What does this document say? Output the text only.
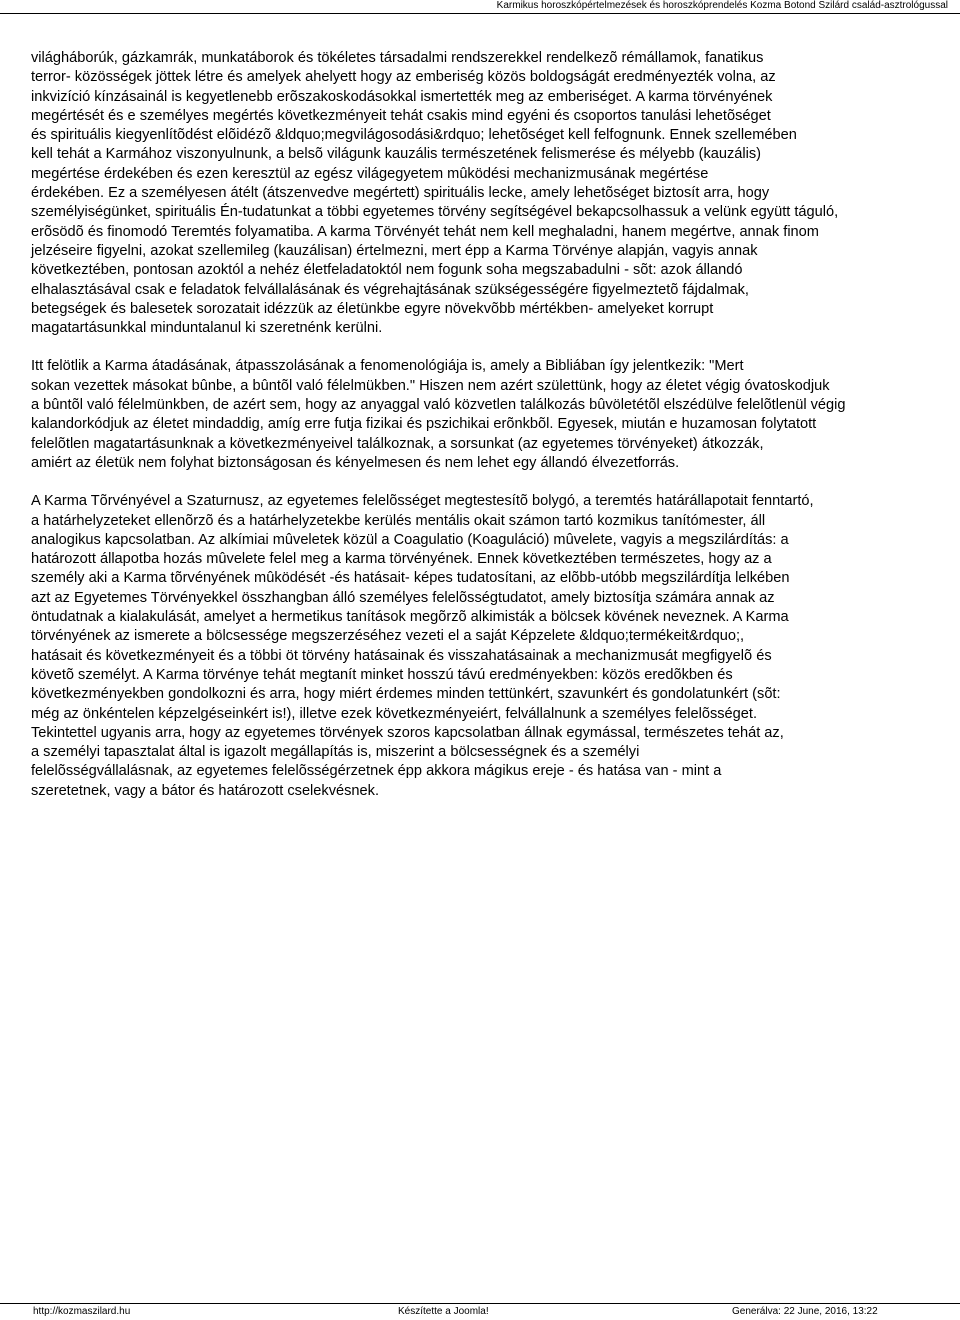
Karmikus horoszkópértelmezések és horoszkóprendelés Kozma Botond Szilárd család-asztrológussal

világháborúk, gázkamrák, munkatáborok és tökéletes társadalmi rendszerekkel rendelkezõ rémállamok, fanatikus
terror- közösségek jöttek létre és amelyek ahelyett hogy az emberiség közös boldogságát eredményezték volna, az
inkvizíció kínzásainál is kegyetlenebb erõszakoskodásokkal ismertették meg az emberiséget. A karma törvényének
megértését és e személyes megértés következményeit tehát csakis mind egyéni és csoportos tanulási lehetõséget
és spirituális kiegyenlítõdést elõidézõ &ldquo;megvilágosodási&rdquo; lehetõséget kell felfognunk. Ennek szellemében
kell tehát a Karmához viszonyulnunk, a belsõ világunk kauzális természetének felismerése és mélyebb (kauzális)
megértése érdekében és ezen keresztül az egész világegyetem mûködési mechanizmusának megértése
érdekében. Ez a személyesen átélt (átszenvedve megértett) spirituális lecke, amely lehetõséget biztosít arra, hogy
személyiségünket, spirituális Én-tudatunkat a többi egyetemes törvény segítségével bekapcsolhassuk a velünk együtt táguló,
erõsödõ és finomodó Teremtés folyamatiba. A karma Törvényét tehát nem kell meghaladni, hanem megértve, annak finom
jelzéseire figyelni, azokat szellemileg (kauzálisan) értelmezni, mert épp a Karma Törvénye alapján, vagyis annak
következtében, pontosan azoktól a nehéz életfeladatoktól nem fogunk soha megszabadulni - sõt: azok állandó
elhalasztásával csak e feladatok felvállalásának és végrehajtásának szükségességére figyelmeztetõ fájdalmak,
betegségek és balesetek sorozatait idézzük az életünkbe egyre növekvõbb mértékben- amelyeket korrupt
magatartásunkkal minduntalanul ki szeretnénk kerülni.

Itt felötlik a Karma átadásának, átpasszolásának a fenomenológiája is, amely a Bibliában így jelentkezik: "Mert
sokan vezettek másokat bûnbe, a bûntõl való félelmükben." Hiszen nem azért születtünk, hogy az életet végig óvatoskodjuk
a bûntõl való félelmünkben, de azért sem, hogy az anyaggal való közvetlen találkozás bûvöletétõl elszédülve felelõtlenül végig
kalandorkódjuk az életet mindaddig, amíg erre futja fizikai és pszichikai erõnkbõl. Egyesek, miután e huzamosan folytatott
felelõtlen magatartásunknak a következményeivel találkoznak, a sorsunkat (az egyetemes törvényeket) átkozzák,
amiért az életük nem folyhat biztonságosan és kényelmesen és nem lehet egy állandó élvezetforrás.

A Karma Tõrvényével a Szaturnusz, az egyetemes felelõsséget megtestesítõ bolygó, a teremtés határállapotait fenntartó,
a határhelyzeteket ellenõrzõ és a határhelyzetekbe kerülés mentális okait számon tartó kozmikus tanítómester, áll
analogikus kapcsolatban. Az alkímiai mûveletek közül a Coagulatio (Koaguláció) mûvelete, vagyis a megszilárdítás: a
határozott állapotba hozás mûvelete felel meg a karma törvényének. Ennek következtében természetes, hogy az a
személy aki a Karma tõrvényének mûködését -és hatásait- képes tudatosítani, az elõbb-utóbb megszilárdítja lelkében
azt az Egyetemes Törvényekkel összhangban álló személyes felelõsségtudatot, amely biztosítja számára annak az
öntudatnak a kialakulását, amelyet a hermetikus tanítások megõrzõ alkimisták a bölcsek kövének neveznek. A Karma
törvényének az ismerete a bölcsessége megszerzéséhez vezeti el a saját Képzelete &ldquo;termékeit&rdquo;,
hatásait és következményeit és a többi öt törvény hatásainak és visszahatásainak a mechanizmusát megfigyelõ és
követõ személyt. A Karma törvénye tehát megtanít minket hosszú távú eredményekben: közös eredõkben és
következményekben gondolkozni és arra, hogy miért érdemes minden tettünkért, szavunkért és gondolatunkért (sõt:
még az önkéntelen képzelgéseinkért is!), illetve ezek következményeiért, felvállalnunk a személyes felelõsséget.
Tekintettel ugyanis arra, hogy az egyetemes törvények szoros kapcsolatban állnak egymással, természetes tehát az,
a személyi tapasztalat által is igazolt megállapítás is, miszerint a bölcsességnek és a személyi
felelõsségvállalásnak, az egyetemes felelõsségérzetnek épp akkora mágikus ereje - és hatása van - mint a
szeretetnek, vagy a bátor és határozott cselekvésnek.

http://kozmaszilard.hu	Készítette a Joomla!	Generálva: 22 June, 2016, 13:22
